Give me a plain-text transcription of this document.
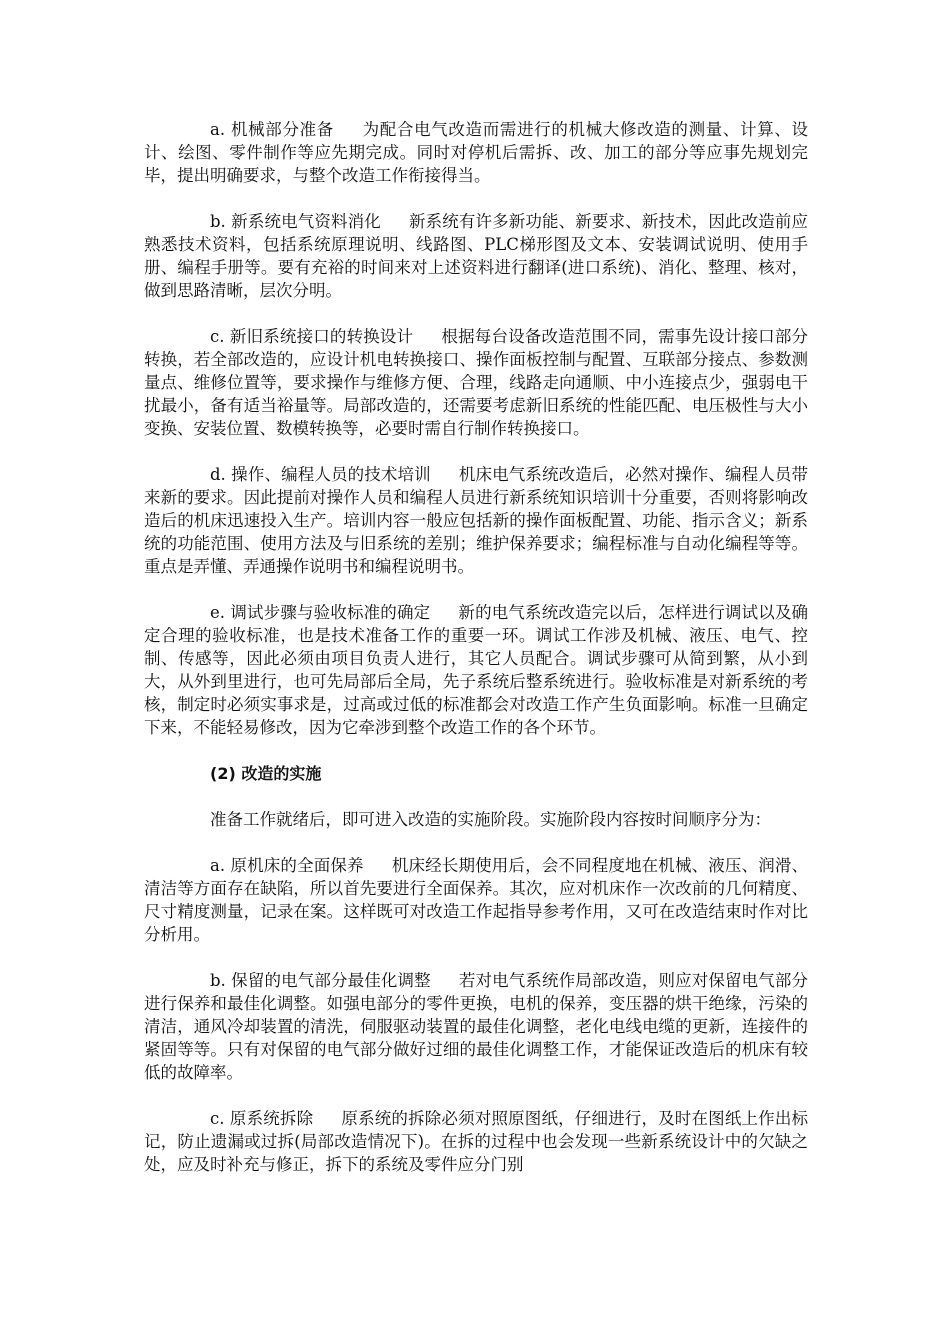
a. 机械部分准备 为配合电气改造而需进行的机械大修改造的测量、计算、设计、绘图、零件制作等应先期完成。同时对停机后需拆、改、加工的部分等应事先规划完毕，提出明确要求，与整个改造工作衔接得当。

b. 新系统电气资料消化 新系统有许多新功能、新要求、新技术，因此改造前应熟悉技术资料，包括系统原理说明、线路图、PLC梯形图及文本、安装调试说明、使用手册、编程手册等。要有充裕的时间来对上述资料进行翻译(进口系统)、消化、整理、核对，做到思路清晰，层次分明。

c. 新旧系统接口的转换设计 根据每台设备改造范围不同，需事先设计接口部分转换，若全部改造的，应设计机电转换接口、操作面板控制与配置、互联部分接点、参数测量点、维修位置等，要求操作与维修方便、合理，线路走向通顺、中小连接点少，强弱电干扰最小，备有适当裕量等。局部改造的，还需要考虑新旧系统的性能匹配、电压极性与大小变换、安装位置、数模转换等，必要时需自行制作转换接口。

d. 操作、编程人员的技术培训 机床电气系统改造后，必然对操作、编程人员带来新的要求。因此提前对操作人员和编程人员进行新系统知识培训十分重要，否则将影响改造后的机床迅速投入生产。培训内容一般应包括新的操作面板配置、功能、指示含义；新系统的功能范围、使用方法及与旧系统的差别；维护保养要求；编程标准与自动化编程等等。重点是弄懂、弄通操作说明书和编程说明书。

e. 调试步骤与验收标准的确定 新的电气系统改造完以后，怎样进行调试以及确定合理的验收标准，也是技术准备工作的重要一环。调试工作涉及机械、液压、电气、控制、传感等，因此必须由项目负责人进行，其它人员配合。调试步骤可从简到繁，从小到大，从外到里进行，也可先局部后全局，先子系统后整系统进行。验收标准是对新系统的考核，制定时必须实事求是，过高或过低的标准都会对改造工作产生负面影响。标准一旦确定下来，不能轻易修改，因为它牵涉到整个改造工作的各个环节。

(2) 改造的实施

准备工作就绪后，即可进入改造的实施阶段。实施阶段内容按时间顺序分为：

a. 原机床的全面保养 机床经长期使用后，会不同程度地在机械、液压、润滑、清洁等方面存在缺陷，所以首先要进行全面保养。其次，应对机床作一次改前的几何精度、尺寸精度测量，记录在案。这样既可对改造工作起指导参考作用，又可在改造结束时作对比分析用。

b. 保留的电气部分最佳化调整 若对电气系统作局部改造，则应对保留电气部分进行保养和最佳化调整。如强电部分的零件更换，电机的保养，变压器的烘干绝缘，污染的清洁，通风冷却装置的清洗，伺服驱动装置的最佳化调整，老化电线电缆的更新，连接件的紧固等等。只有对保留的电气部分做好过细的最佳化调整工作，才能保证改造后的机床有较低的故障率。

c. 原系统拆除 原系统的拆除必须对照原图纸，仔细进行，及时在图纸上作出标记，防止遗漏或过拆(局部改造情况下)。在拆的过程中也会发现一些新系统设计中的欠缺之处，应及时补充与修正，拆下的系统及零件应分门别
